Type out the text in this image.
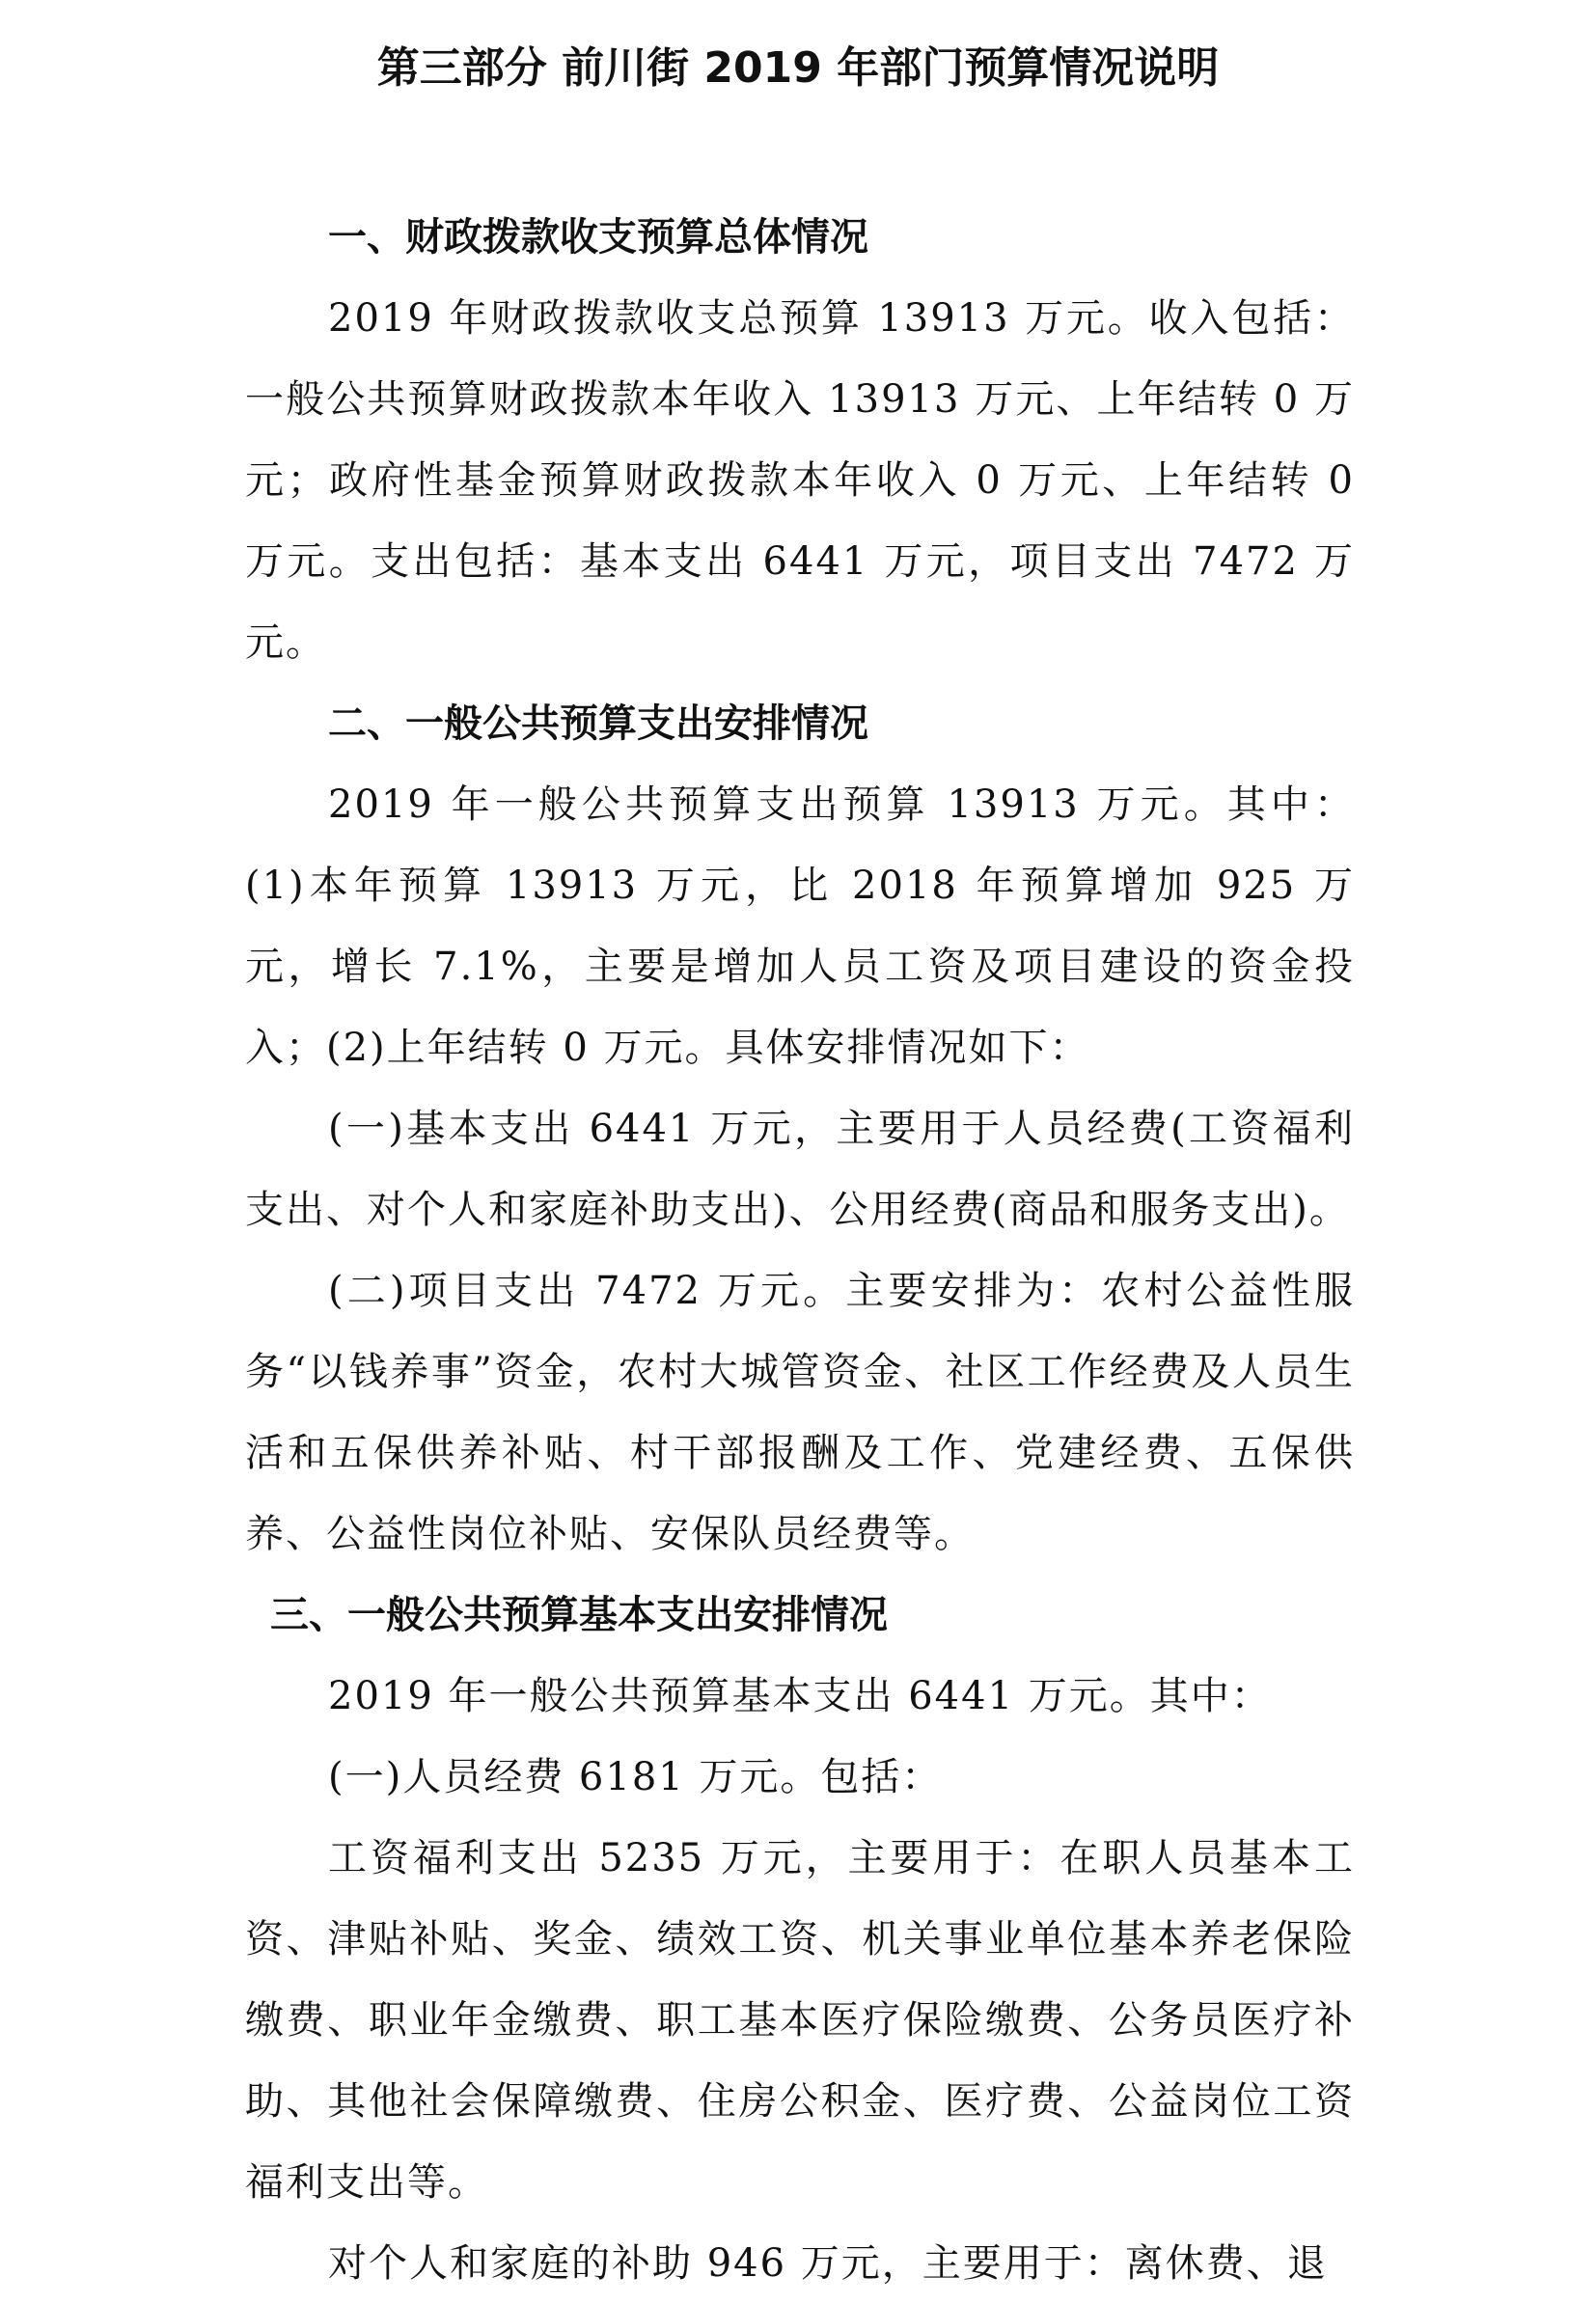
第三部分 前川街 2019 年部门预算情况说明
一、财政拨款收支预算总体情况

2019 年财政拨款收支总预算 13913 万元。收入包括：一般公共预算财政拨款本年收入 13913 万元、上年结转 0 万元；政府性基金预算财政拨款本年收入 0 万元、上年结转 0 万元。支出包括：基本支出 6441 万元，项目支出 7472 万元。

二、一般公共预算支出安排情况

2019 年一般公共预算支出预算 13913 万元。其中：(1)本年预算 13913 万元，比 2018 年预算增加 925 万元，增长 7.1%，主要是增加人员工资及项目建设的资金投入；(2)上年结转 0 万元。具体安排情况如下：

(一)基本支出 6441 万元，主要用于人员经费(工资福利支出、对个人和家庭补助支出)、公用经费(商品和服务支出)。

(二)项目支出 7472 万元。主要安排为：农村公益性服务“以钱养事”资金，农村大城管资金、社区工作经费及人员生活和五保供养补贴、村干部报酬及工作、党建经费、五保供养、公益性岗位补贴、安保队员经费等。

三、一般公共预算基本支出安排情况

2019 年一般公共预算基本支出 6441 万元。其中：

(一)人员经费 6181 万元。包括：

工资福利支出 5235 万元，主要用于：在职人员基本工资、津贴补贴、奖金、绩效工资、机关事业单位基本养老保险缴费、职业年金缴费、职工基本医疗保险缴费、公务员医疗补助、其他社会保障缴费、住房公积金、医疗费、公益岗位工资福利支出等。

对个人和家庭的补助 946 万元，主要用于：离休费、退
